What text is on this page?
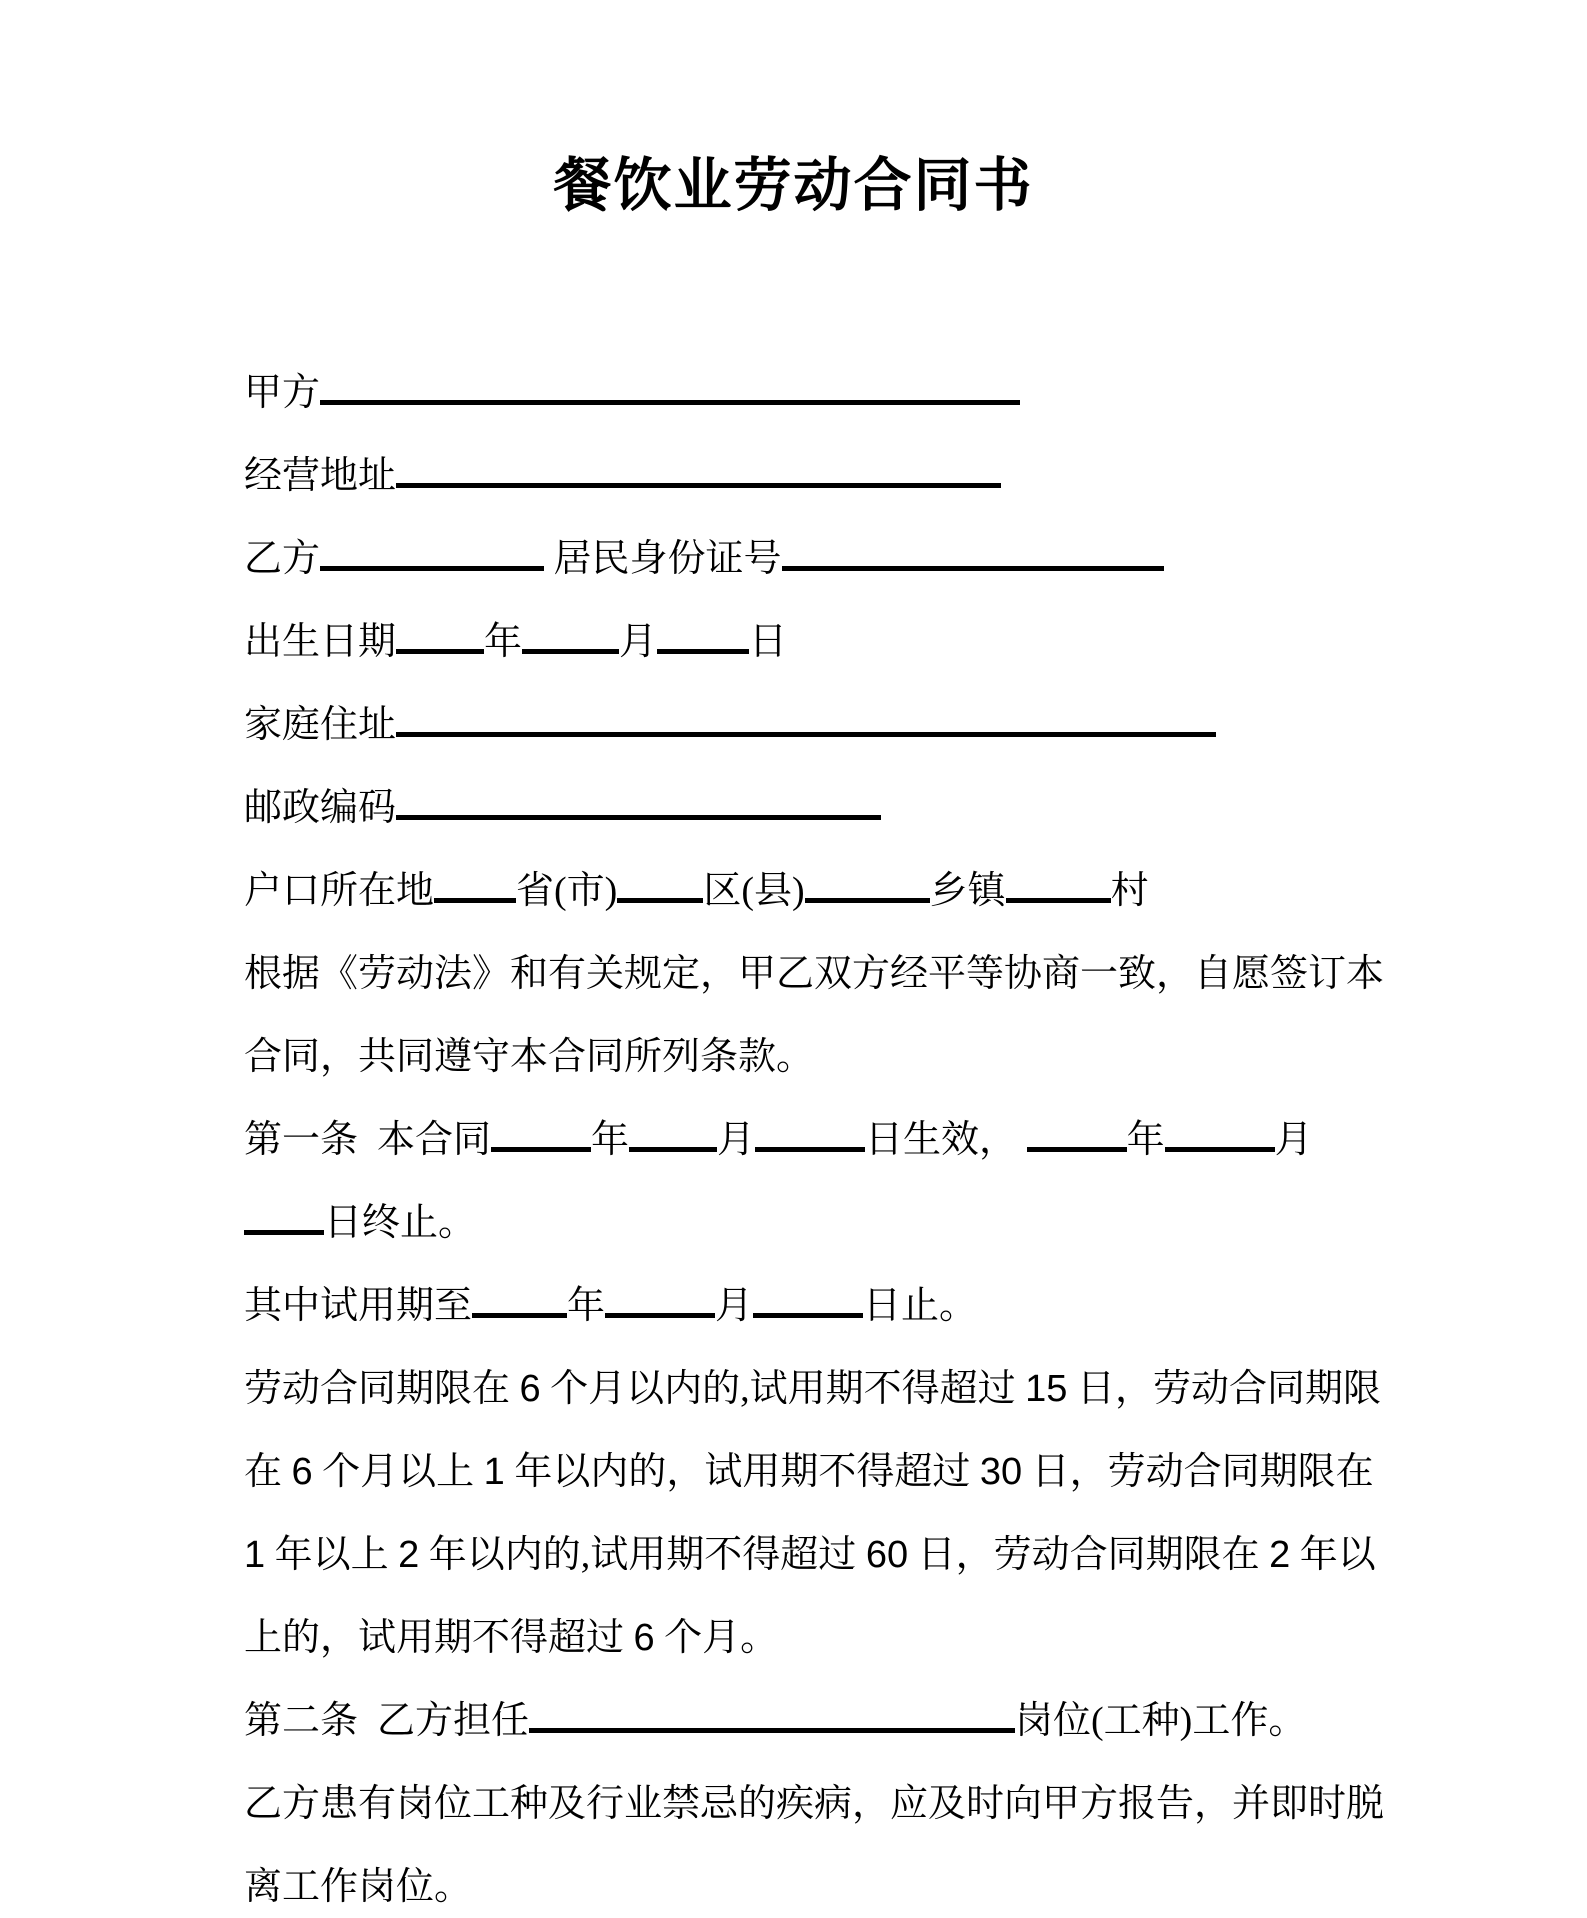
餐饮业劳动合同书

甲方

经营地址

乙方	居民身份证号

出生日期 年	月 日

家庭住址

邮政编码

户口所在地 省(市) 区(县)	乡镇	村

根据《劳动法》和有关规定，甲乙双方经平等协商一致，自愿签订本

合同，共同遵守本合同所列条款。

第一条  本合同	年 月	日生效，	年	月

日终止。

其中试用期至	年	月	日止。

劳动合同期限在 6 个月以内的,试用期不得超过 15 日，劳动合同期限

在 6 个月以上 1 年以内的，试用期不得超过 30 日，劳动合同期限在

1 年以上 2 年以内的,试用期不得超过 60 日，劳动合同期限在 2 年以

上的，试用期不得超过 6 个月。

第二条  乙方担任	岗位(工种)工作。

乙方患有岗位工种及行业禁忌的疾病，应及时向甲方报告，并即时脱

离工作岗位。
